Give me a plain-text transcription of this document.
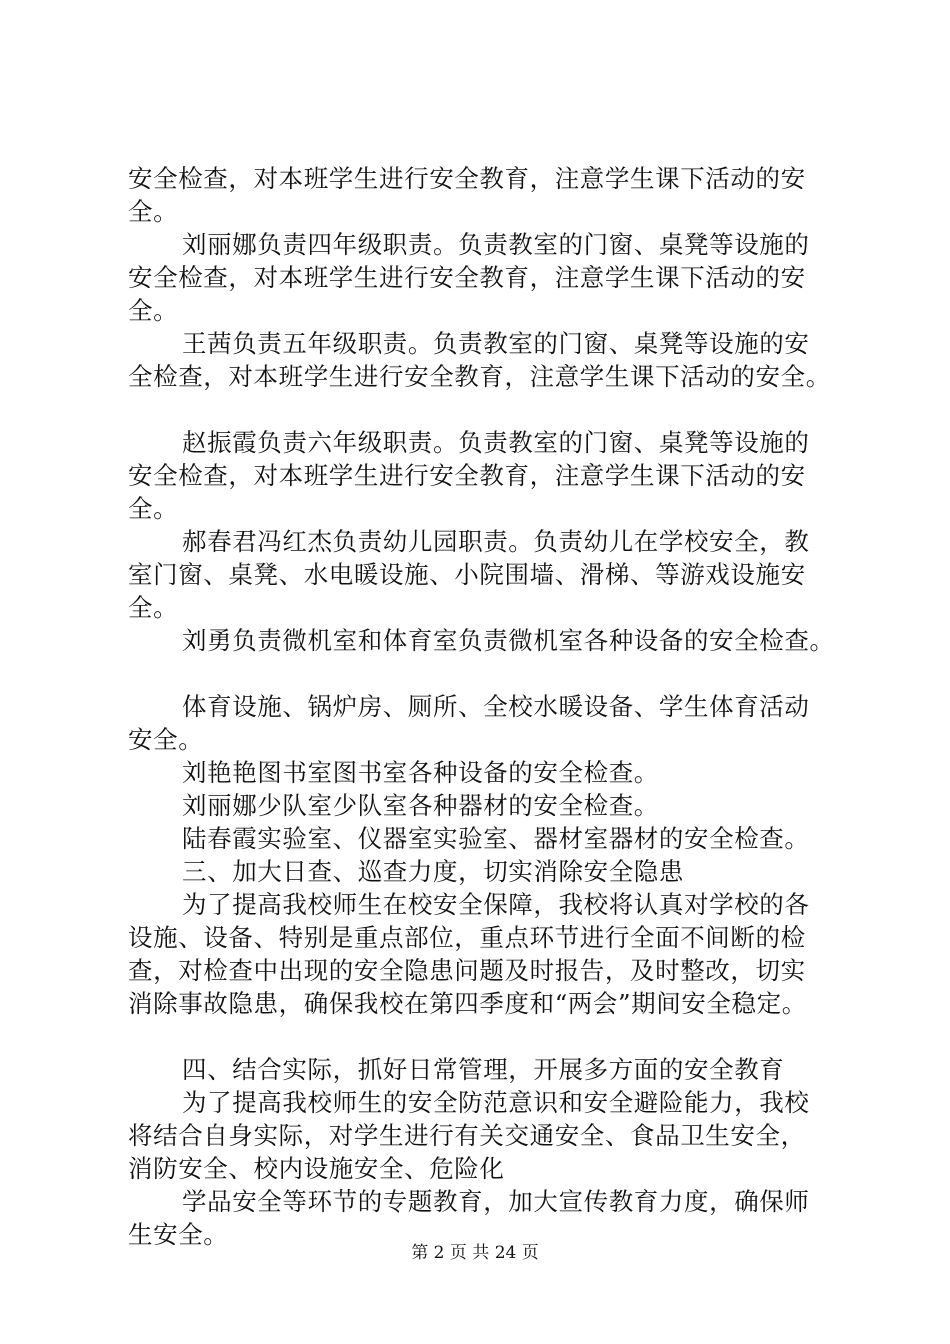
安全检查，对本班学生进行安全教育，注意学生课下活动的安
全。
刘丽娜负责四年级职责。负责教室的门窗、桌凳等设施的
安全检查，对本班学生进行安全教育，注意学生课下活动的安
全。
王茜负责五年级职责。负责教室的门窗、桌凳等设施的安
全检查，对本班学生进行安全教育，注意学生课下活动的安全。
赵振霞负责六年级职责。负责教室的门窗、桌凳等设施的
安全检查，对本班学生进行安全教育，注意学生课下活动的安
全。
郝春君冯红杰负责幼儿园职责。负责幼儿在学校安全，教
室门窗、桌凳、水电暖设施、小院围墙、滑梯、等游戏设施安
全。
刘勇负责微机室和体育室负责微机室各种设备的安全检查。
体育设施、锅炉房、厕所、全校水暖设备、学生体育活动
安全。
刘艳艳图书室图书室各种设备的安全检查。
刘丽娜少队室少队室各种器材的安全检查。
陆春霞实验室、仪器室实验室、器材室器材的安全检查。
三、加大日查、巡查力度，切实消除安全隐患
为了提高我校师生在校安全保障，我校将认真对学校的各
设施、设备、特别是重点部位，重点环节进行全面不间断的检
查，对检查中出现的安全隐患问题及时报告，及时整改，切实
消除事故隐患，确保我校在第四季度和“两会”期间安全稳定。
四、结合实际，抓好日常管理，开展多方面的安全教育
为了提高我校师生的安全防范意识和安全避险能力，我校
将结合自身实际，对学生进行有关交通安全、食品卫生安全，
消防安全、校内设施安全、危险化
学品安全等环节的专题教育，加大宣传教育力度，确保师
生安全。
第 2 页 共 24 页
